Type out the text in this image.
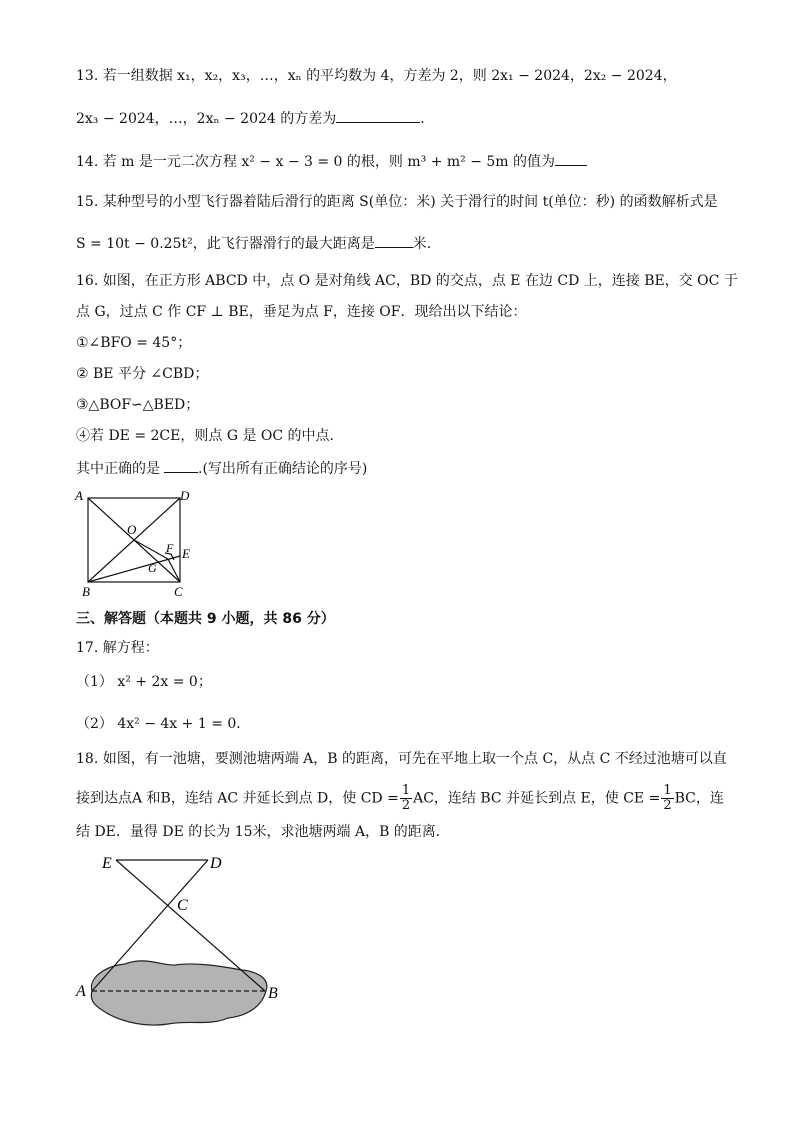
13. 若一组数据 x₁，x₂，x₃，…，xₙ 的平均数为 4，方差为 2，则 2x₁ − 2024，2x₂ − 2024，
2x₃ − 2024，…，2xₙ − 2024 的方差为	.
14. 若 m 是一元二次方程 x² − x − 3 = 0 的根，则 m³ + m² − 5m 的值为
15. 某种型号的小型飞行器着陆后滑行的距离 S(单位：米) 关于滑行的时间 t(单位：秒) 的函数解析式是
S = 10t − 0.25t²，此飞行器滑行的最大距离是	米.
16. 如图，在正方形 ABCD 中，点 O 是对角线 AC，BD 的交点，点 E 在边 CD 上，连接 BE，交 OC 于
点 G，过点 C 作 CF ⊥ BE，垂足为点 F，连接 OF．现给出以下结论：
①∠BFO = 45°；
② BE 平分 ∠CBD；
③△BOF∽△BED；
④若 DE = 2CE，则点 G 是 OC 的中点.
其中正确的是	.(写出所有正确结论的序号)
A	D
B	C
O
F E
G
三、解答题（本题共 9 小题，共 86 分）
17. 解方程：
（1） x² + 2x = 0；
（2） 4x² − 4x + 1 = 0．
18. 如图，有一池塘，要测池塘两端 A，B 的距离，可先在平地上取一个点 C，从点 C 不经过池塘可以直
接到达点A 和B，连结 AC 并延长到点 D，使 CD = $\frac{1}{2}$ AC，连结 BC 并延长到点 E，使 CE = $\frac{1}{2}$ BC，连
结 DE．量得 DE 的长为 15米，求池塘两端 A，B 的距离．
E	D
C
A	B
